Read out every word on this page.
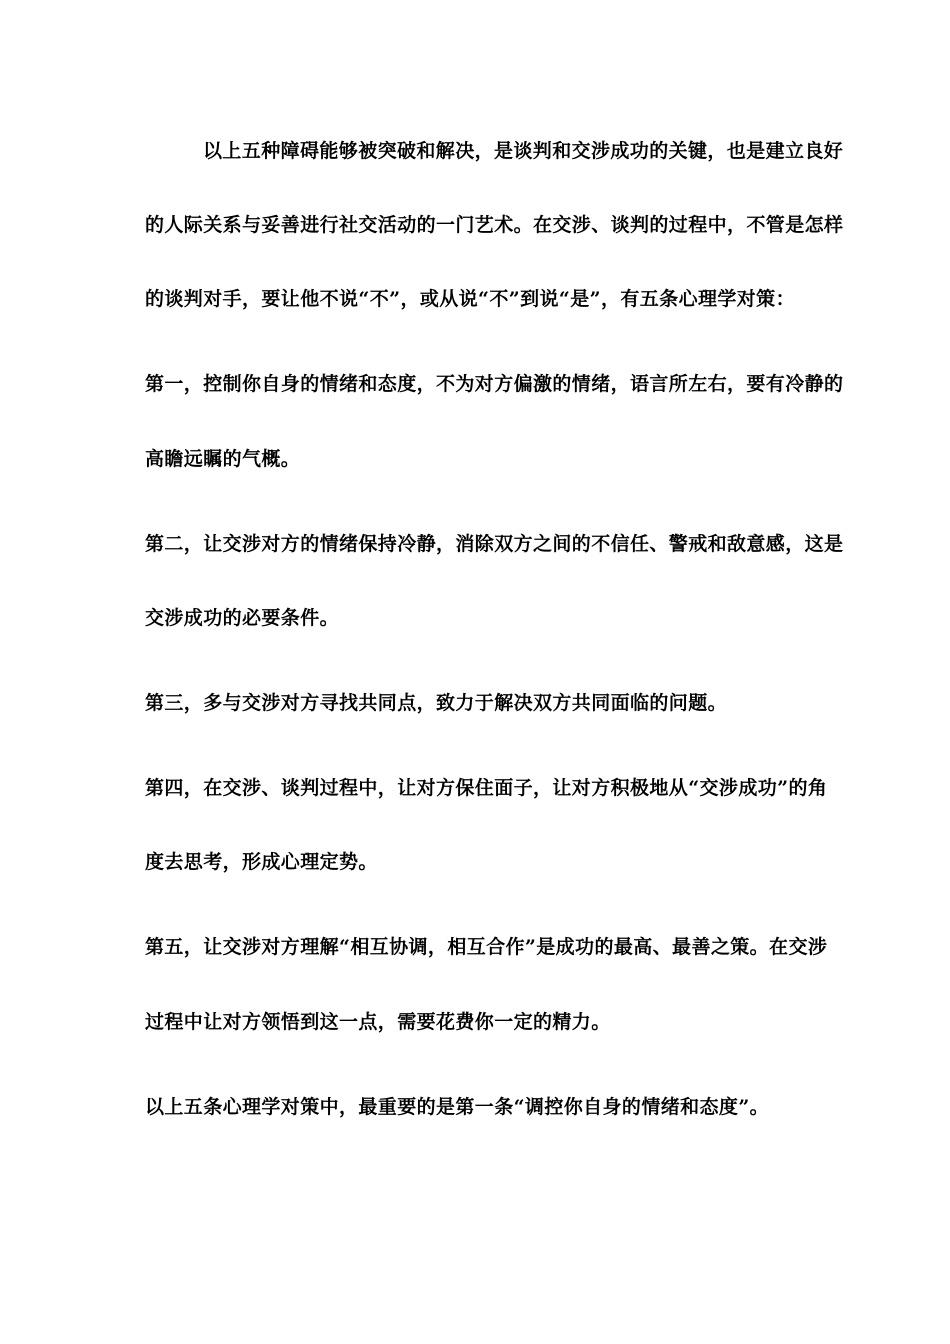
以上五种障碍能够被突破和解决，是谈判和交涉成功的关键，也是建立良好
的人际关系与妥善进行社交活动的一门艺术。在交涉、谈判的过程中，不管是怎样
的谈判对手，要让他不说“不”，或从说“不”到说“是”，有五条心理学对策：
第一，控制你自身的情绪和态度，不为对方偏激的情绪，语言所左右，要有冷静的
高瞻远瞩的气概。
第二，让交涉对方的情绪保持冷静，消除双方之间的不信任、警戒和敌意感，这是
交涉成功的必要条件。
第三，多与交涉对方寻找共同点，致力于解决双方共同面临的问题。
第四，在交涉、谈判过程中，让对方保住面子，让对方积极地从“交涉成功”的角
度去思考，形成心理定势。
第五，让交涉对方理解“相互协调，相互合作”是成功的最高、最善之策。在交涉
过程中让对方领悟到这一点，需要花费你一定的精力。
以上五条心理学对策中，最重要的是第一条“调控你自身的情绪和态度”。
